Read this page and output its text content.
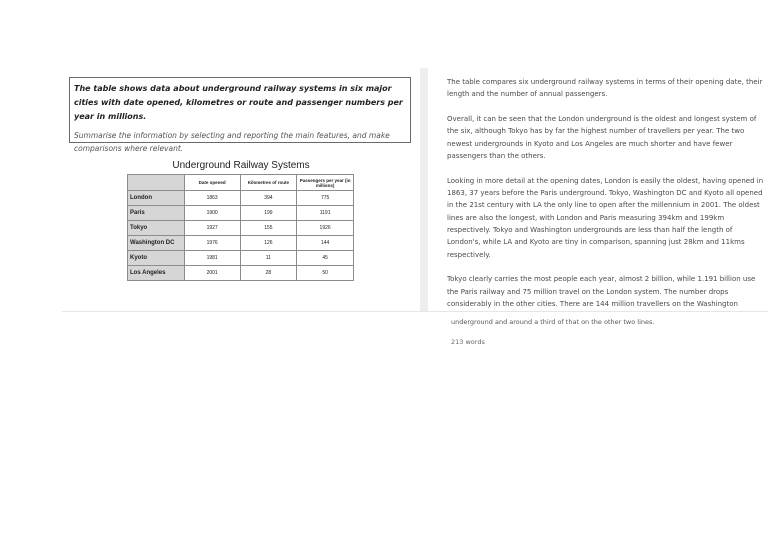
The table shows data about underground railway systems in six major cities with date opened, kilometres or route and passenger numbers per year in millions.
Summarise the information by selecting and reporting the main features, and make comparisons where relevant.
Underground Railway Systems
	Date opened	Kilometres of route	Passengers per year (in millions)
London	1863	394	775
Paris	1900	199	1191
Tokyo	1927	155	1926
Washington DC	1976	126	144
Kyoto	1981	11	45
Los Angeles	2001	28	50

The table compares six underground railway systems in terms of their opening date, their length and the number of annual passengers.

Overall, it can be seen that the London underground is the oldest and longest system of the six, although Tokyo has by far the highest number of travellers per year. The two newest undergrounds in Kyoto and Los Angeles are much shorter and have fewer passengers than the others.

Looking in more detail at the opening dates, London is easily the oldest, having opened in 1863, 37 years before the Paris underground. Tokyo, Washington DC and Kyoto all opened in the 21st century with LA the only line to open after the millennium in 2001. The oldest lines are also the longest, with London and Paris measuring 394km and 199km respectively. Tokyo and Washington undergrounds are less than half the length of London's, while LA and Kyoto are tiny in comparison, spanning just 28km and 11kms respectively.

Tokyo clearly carries the most people each year, almost 2 billion, while 1.191 billion use the Paris railway and 75 million travel on the London system. The number drops considerably in the other cities. There are 144 million travellers on the Washington

underground and around a third of that on the other two lines.
213 words
